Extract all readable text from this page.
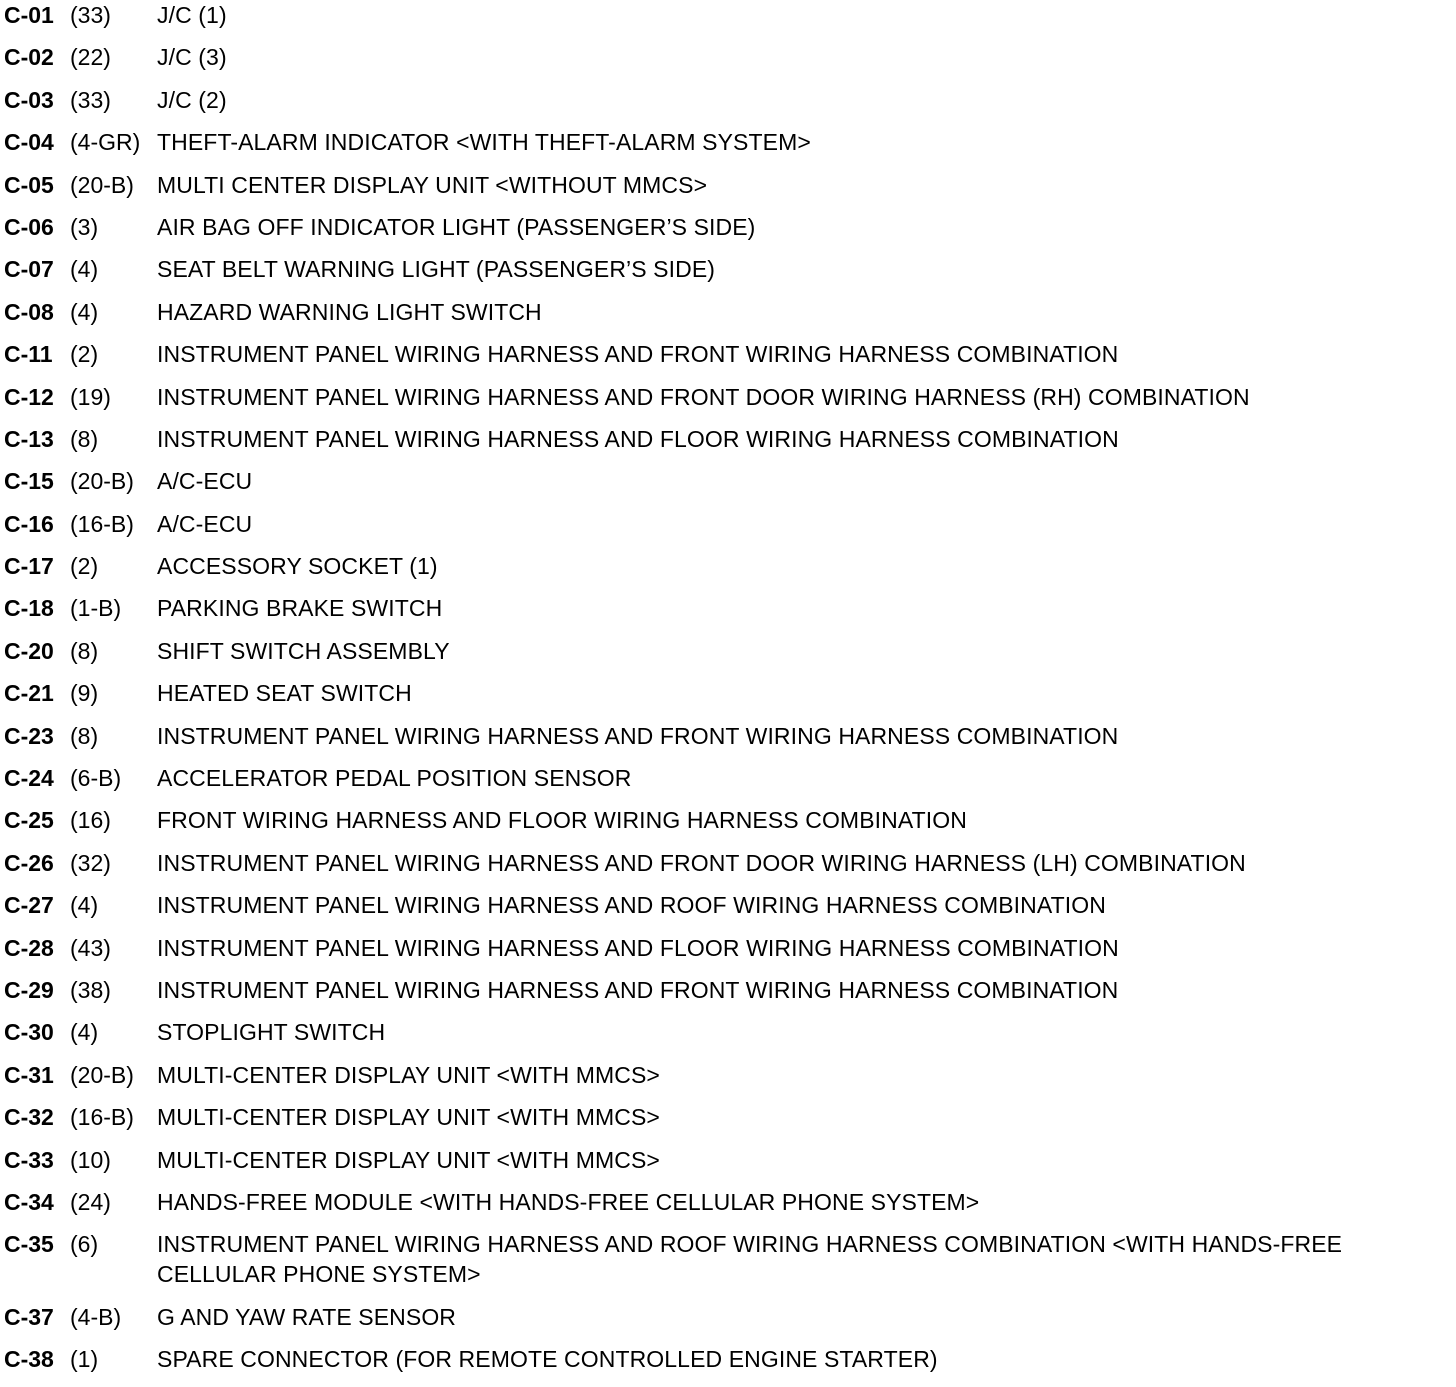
C-01 (33)	J/C (1)
C-02 (22)	J/C (3)
C-03 (33)	J/C (2)
C-04 (4-GR) THEFT-ALARM INDICATOR <WITH THEFT-ALARM SYSTEM>
C-05 (20-B)	MULTI CENTER DISPLAY UNIT <WITHOUT MMCS>
C-06 (3)	AIR BAG OFF INDICATOR LIGHT (PASSENGER’S SIDE)
C-07 (4)	SEAT BELT WARNING LIGHT (PASSENGER’S SIDE)
C-08 (4)	HAZARD WARNING LIGHT SWITCH
C-11 (2)	INSTRUMENT PANEL WIRING HARNESS AND FRONT WIRING HARNESS COMBINATION
C-12 (19)	INSTRUMENT PANEL WIRING HARNESS AND FRONT DOOR WIRING HARNESS (RH) COMBINATION
C-13 (8)	INSTRUMENT PANEL WIRING HARNESS AND FLOOR WIRING HARNESS COMBINATION
C-15 (20-B)	A/C-ECU
C-16 (16-B)	A/C-ECU
C-17 (2)	ACCESSORY SOCKET (1)
C-18 (1-B)	PARKING BRAKE SWITCH
C-20 (8)	SHIFT SWITCH ASSEMBLY
C-21 (9)	HEATED SEAT SWITCH
C-23 (8)	INSTRUMENT PANEL WIRING HARNESS AND FRONT WIRING HARNESS COMBINATION
C-24 (6-B)	ACCELERATOR PEDAL POSITION SENSOR
C-25 (16)	FRONT WIRING HARNESS AND FLOOR WIRING HARNESS COMBINATION
C-26 (32)	INSTRUMENT PANEL WIRING HARNESS AND FRONT DOOR WIRING HARNESS (LH) COMBINATION
C-27 (4)	INSTRUMENT PANEL WIRING HARNESS AND ROOF WIRING HARNESS COMBINATION
C-28 (43)	INSTRUMENT PANEL WIRING HARNESS AND FLOOR WIRING HARNESS COMBINATION
C-29 (38)	INSTRUMENT PANEL WIRING HARNESS AND FRONT WIRING HARNESS COMBINATION
C-30 (4)	STOPLIGHT SWITCH
C-31 (20-B)	MULTI-CENTER DISPLAY UNIT <WITH MMCS>
C-32 (16-B)	MULTI-CENTER DISPLAY UNIT <WITH MMCS>
C-33 (10)	MULTI-CENTER DISPLAY UNIT <WITH MMCS>
C-34 (24)	HANDS-FREE MODULE <WITH HANDS-FREE CELLULAR PHONE SYSTEM>
C-35 (6)	INSTRUMENT PANEL WIRING HARNESS AND ROOF WIRING HARNESS COMBINATION <WITH HANDS-FREE CELLULAR PHONE SYSTEM>
C-37 (4-B)	G AND YAW RATE SENSOR
C-38 (1)	SPARE CONNECTOR (FOR REMOTE CONTROLLED ENGINE STARTER)
